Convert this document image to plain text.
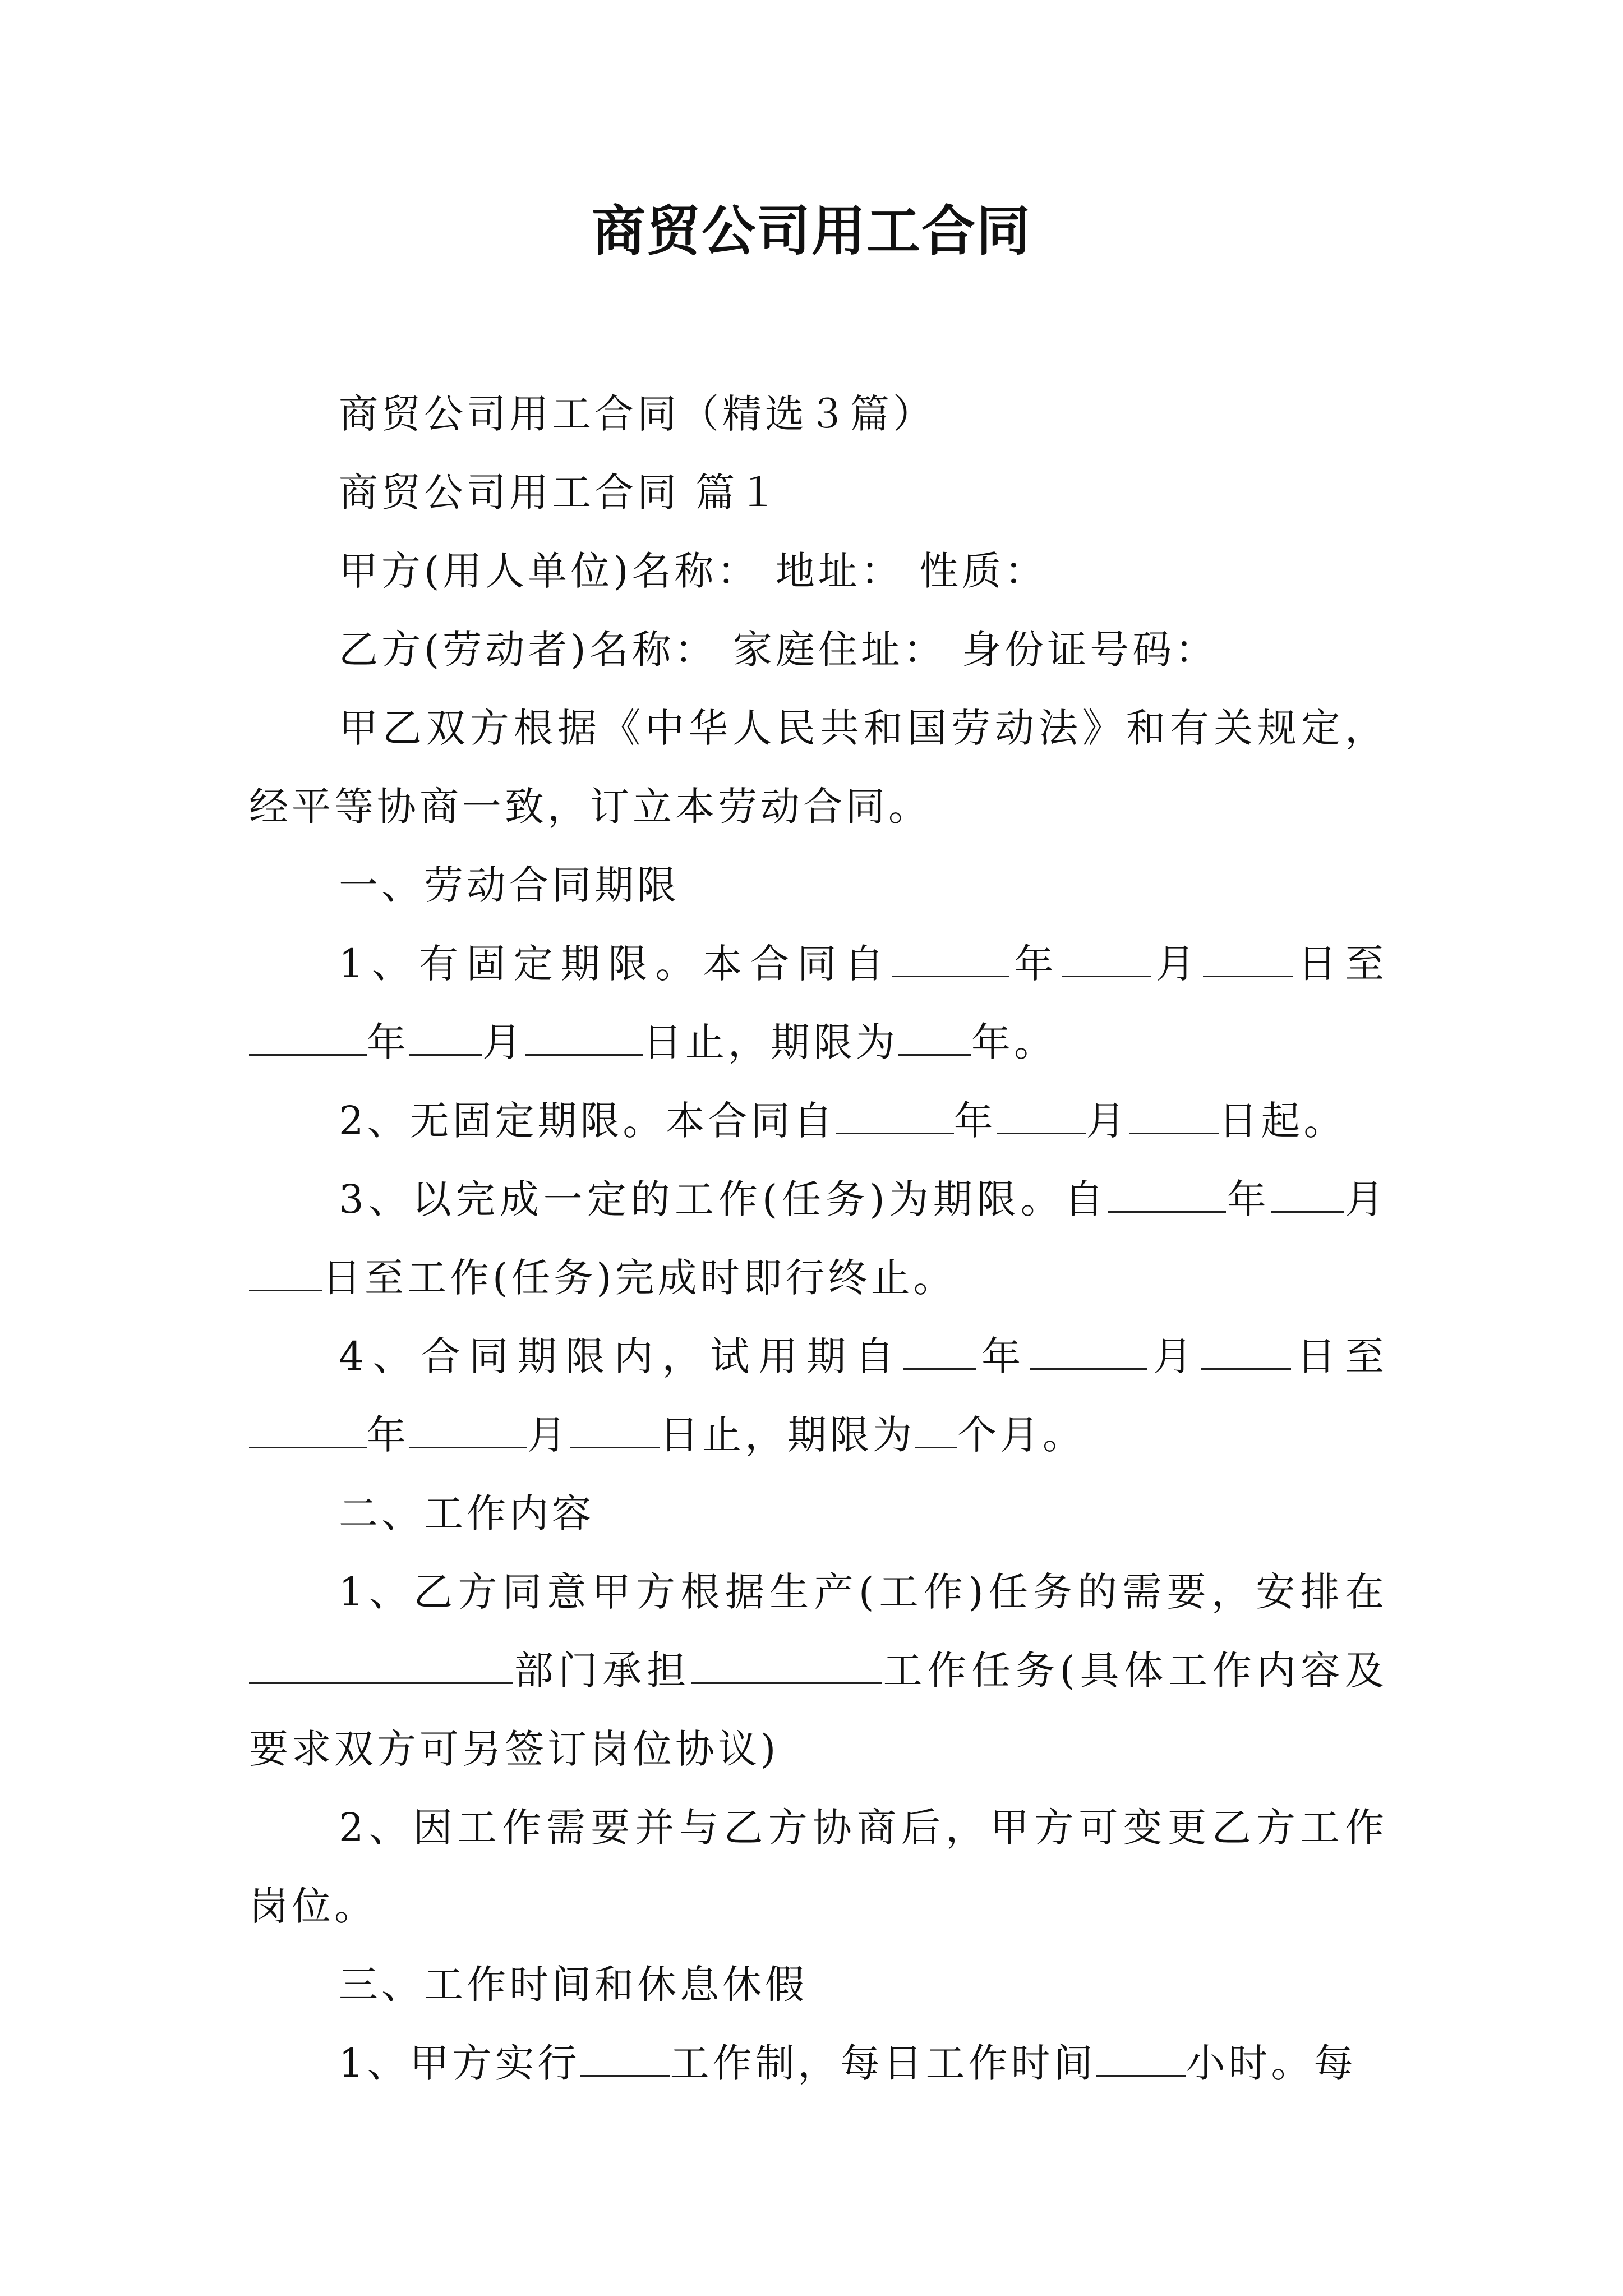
商贸公司用工合同

商贸公司用工合同（精选３篇）

商贸公司用工合同 篇１

甲方(用人单位)名称： 地址： 性质：

乙方(劳动者)名称： 家庭住址： 身份证号码：

甲乙双方根据《中华人民共和国劳动法》和有关规定，经平等协商一致，订立本劳动合同。

一、劳动合同期限

1、有固定期限。本合同自	年 月 日至年 月	日止，期限为 年。

2、无固定期限。本合同自	年 月 日起。

3、以完成一定的工作(任务)为期限。自	年 月日至工作(任务)完成时即行终止。

4、合同期限内，试用期自 年	月 日至年	月 日止，期限为 个月。

二、工作内容

1、乙方同意甲方根据生产(工作)任务的需要，安排在部门承担	工作任务(具体工作内容及要求双方可另签订岗位协议)

2、因工作需要并与乙方协商后，甲方可变更乙方工作岗位。

三、工作时间和休息休假

1、甲方实行 工作制，每日工作时间 小时。每
